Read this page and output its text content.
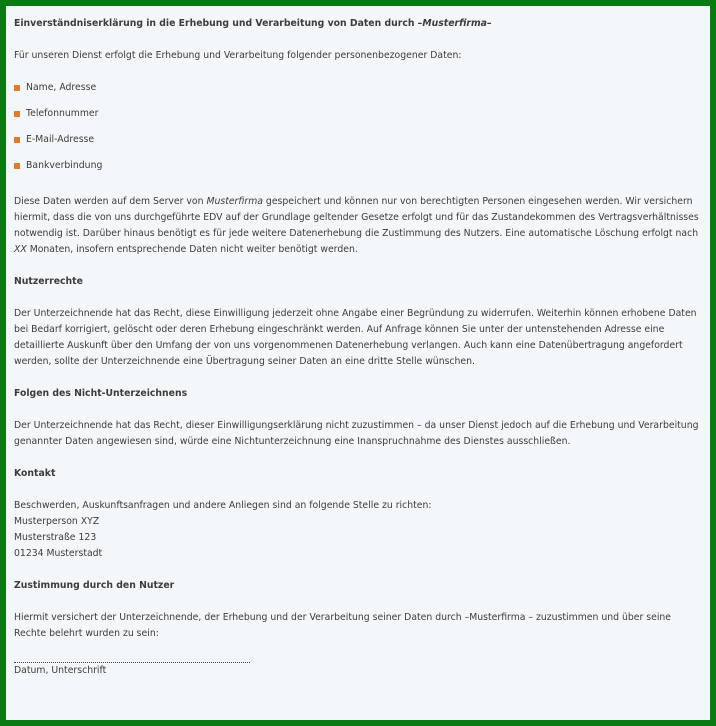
Einverständniserklärung in die Erhebung und Verarbeitung von Daten durch –Musterfirma–

Für unseren Dienst erfolgt die Erhebung und Verarbeitung folgender personenbezogener Daten:

Name, Adresse
Telefonnummer
E-Mail-Adresse
Bankverbindung

Diese Daten werden auf dem Server von Musterfirma gespeichert und können nur von berechtigten Personen eingesehen werden. Wir versichern hiermit, dass die von uns durchgeführte EDV auf der Grundlage geltender Gesetze erfolgt und für das Zustandekommen des Vertragsverhältnisses notwendig ist. Darüber hinaus benötigt es für jede weitere Datenerhebung die Zustimmung des Nutzers. Eine automatische Löschung erfolgt nach XX Monaten, insofern entsprechende Daten nicht weiter benötigt werden.

Nutzerrechte

Der Unterzeichnende hat das Recht, diese Einwilligung jederzeit ohne Angabe einer Begründung zu widerrufen. Weiterhin können erhobene Daten bei Bedarf korrigiert, gelöscht oder deren Erhebung eingeschränkt werden. Auf Anfrage können Sie unter der untenstehenden Adresse eine detaillierte Auskunft über den Umfang der von uns vorgenommenen Datenerhebung verlangen. Auch kann eine Datenübertragung angefordert werden, sollte der Unterzeichnende eine Übertragung seiner Daten an eine dritte Stelle wünschen.

Folgen des Nicht-Unterzeichnens

Der Unterzeichnende hat das Recht, dieser Einwilligungserklärung nicht zuzustimmen – da unser Dienst jedoch auf die Erhebung und Verarbeitung genannter Daten angewiesen sind, würde eine Nichtunterzeichnung eine Inanspruchnahme des Dienstes ausschließen.

Kontakt

Beschwerden, Auskunftsanfragen und andere Anliegen sind an folgende Stelle zu richten:

Musterperson XYZ

Musterstraße 123

01234 Musterstadt

Zustimmung durch den Nutzer

Hiermit versichert der Unterzeichnende, der Erhebung und der Verarbeitung seiner Daten durch –Musterfirma – zuzustimmen und über seine Rechte belehrt wurden zu sein:

Datum, Unterschrift
